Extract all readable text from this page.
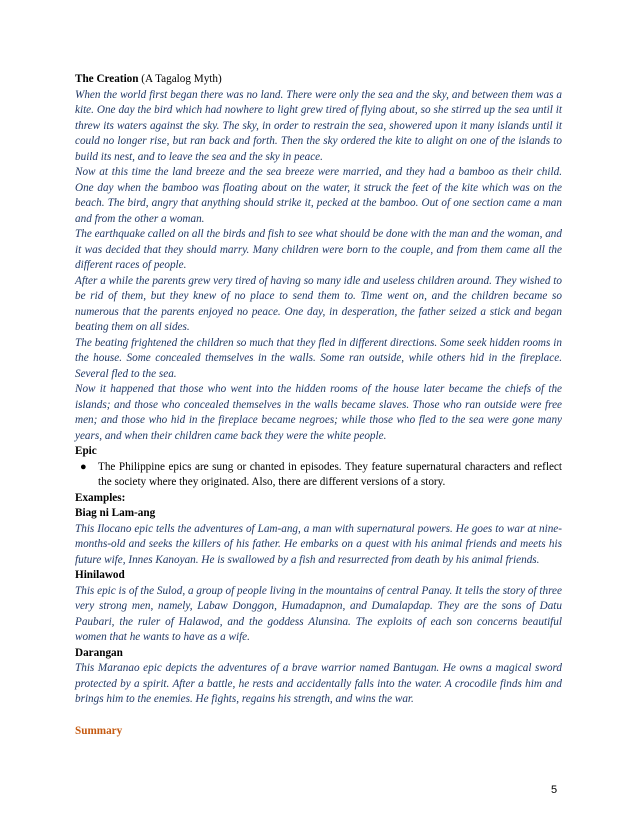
The Creation (A Tagalog Myth)

When the world first began there was no land. There were only the sea and the sky, and between them was a kite. One day the bird which had nowhere to light grew tired of flying about, so she stirred up the sea until it threw its waters against the sky. The sky, in order to restrain the sea, showered upon it many islands until it could no longer rise, but ran back and forth. Then the sky ordered the kite to alight on one of the islands to build its nest, and to leave the sea and the sky in peace.

Now at this time the land breeze and the sea breeze were married, and they had a bamboo as their child. One day when the bamboo was floating about on the water, it struck the feet of the kite which was on the beach. The bird, angry that anything should strike it, pecked at the bamboo. Out of one section came a man and from the other a woman.

The earthquake called on all the birds and fish to see what should be done with the man and the woman, and it was decided that they should marry. Many children were born to the couple, and from them came all the different races of people.

After a while the parents grew very tired of having so many idle and useless children around. They wished to be rid of them, but they knew of no place to send them to. Time went on, and the children became so numerous that the parents enjoyed no peace. One day, in desperation, the father seized a stick and began beating them on all sides.

The beating frightened the children so much that they fled in different directions. Some seek hidden rooms in the house. Some concealed themselves in the walls. Some ran outside, while others hid in the fireplace. Several fled to the sea.

Now it happened that those who went into the hidden rooms of the house later became the chiefs of the islands; and those who concealed themselves in the walls became slaves. Those who ran outside were free men; and those who hid in the fireplace became negroes; while those who fled to the sea were gone many years, and when their children came back they were the white people.

Epic

● The Philippine epics are sung or chanted in episodes. They feature supernatural characters and reflect the society where they originated. Also, there are different versions of a story.

Examples:

Biag ni Lam-ang

This Ilocano epic tells the adventures of Lam-ang, a man with supernatural powers. He goes to war at nine-months-old and seeks the killers of his father. He embarks on a quest with his animal friends and meets his future wife, Innes Kanoyan. He is swallowed by a fish and resurrected from death by his animal friends.

Hinilawod

This epic is of the Sulod, a group of people living in the mountains of central Panay. It tells the story of three very strong men, namely, Labaw Donggon, Humadapnon, and Dumalapdap. They are the sons of Datu Paubari, the ruler of Halawod, and the goddess Alunsina. The exploits of each son concerns beautiful women that he wants to have as a wife.

Darangan

This Maranao epic depicts the adventures of a brave warrior named Bantugan. He owns a magical sword protected by a spirit. After a battle, he rests and accidentally falls into the water. A crocodile finds him and brings him to the enemies. He fights, regains his strength, and wins the war.

Summary
5
